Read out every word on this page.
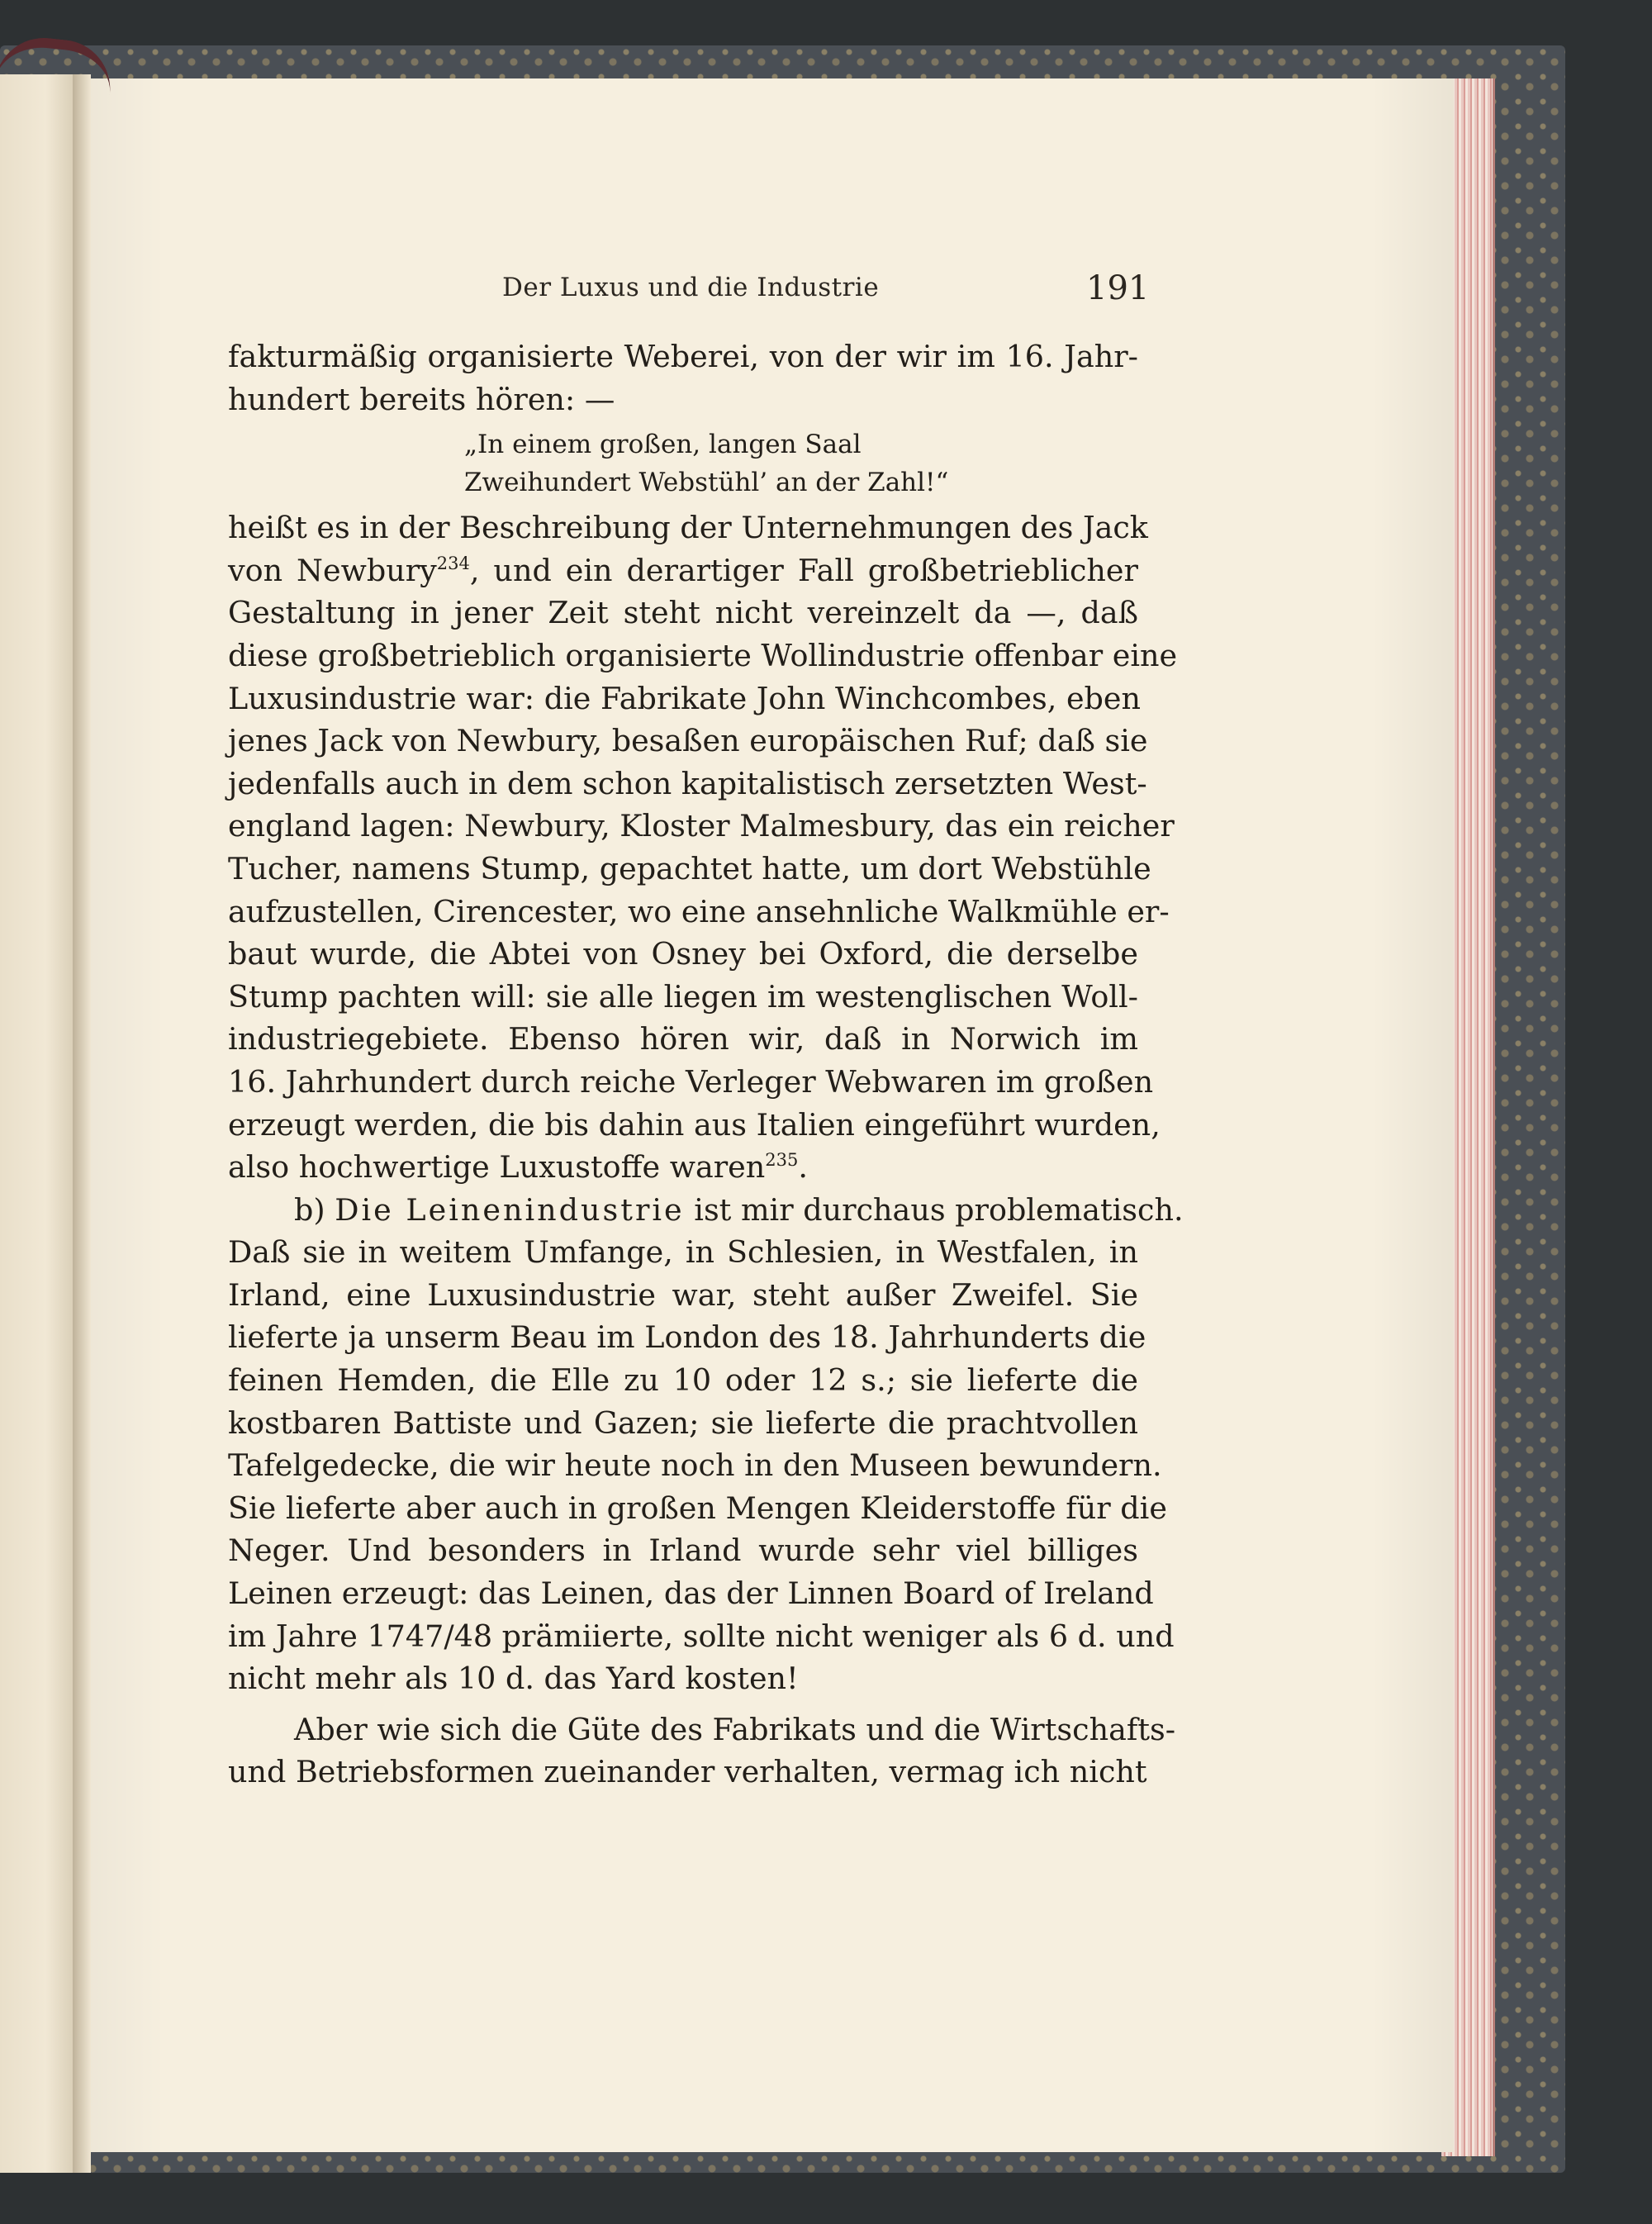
Der Luxus und die Industrie	191
fakturmäßig organisierte Weberei, von der wir im 16. Jahr-
hundert bereits hören: —
„In einem großen, langen Saal
Zweihundert Webstühl’ an der Zahl!“
heißt es in der Beschreibung der Unternehmungen des Jack
von Newbury$^{234}$, und ein derartiger Fall großbetrieblicher
Gestaltung in jener Zeit steht nicht vereinzelt da —, daß
diese großbetrieblich organisierte Wollindustrie offenbar eine
Luxusindustrie war: die Fabrikate John Winchcombes, eben
jenes Jack von Newbury, besaßen europäischen Ruf; daß sie
jedenfalls auch in dem schon kapitalistisch zersetzten West-
england lagen: Newbury, Kloster Malmesbury, das ein reicher
Tucher, namens Stump, gepachtet hatte, um dort Webstühle
aufzustellen, Cirencester, wo eine ansehnliche Walkmühle er-
baut wurde, die Abtei von Osney bei Oxford, die derselbe
Stump pachten will: sie alle liegen im westenglischen Woll-
industriegebiete. Ebenso hören wir, daß in Norwich im
16. Jahrhundert durch reiche Verleger Webwaren im großen
erzeugt werden, die bis dahin aus Italien eingeführt wurden,
also hochwertige Luxustoffe waren$^{235}$.
b) Die Leinenindustrie ist mir durchaus problematisch.
Daß sie in weitem Umfange, in Schlesien, in Westfalen, in
Irland, eine Luxusindustrie war, steht außer Zweifel. Sie
lieferte ja unserm Beau im London des 18. Jahrhunderts die
feinen Hemden, die Elle zu 10 oder 12 s.; sie lieferte die
kostbaren Battiste und Gazen; sie lieferte die prachtvollen
Tafelgedecke, die wir heute noch in den Museen bewundern.
Sie lieferte aber auch in großen Mengen Kleiderstoffe für die
Neger. Und besonders in Irland wurde sehr viel billiges
Leinen erzeugt: das Leinen, das der Linnen Board of Ireland
im Jahre 1747/48 prämiierte, sollte nicht weniger als 6 d. und
nicht mehr als 10 d. das Yard kosten!
Aber wie sich die Güte des Fabrikats und die Wirtschafts-
und Betriebsformen zueinander verhalten, vermag ich nicht
